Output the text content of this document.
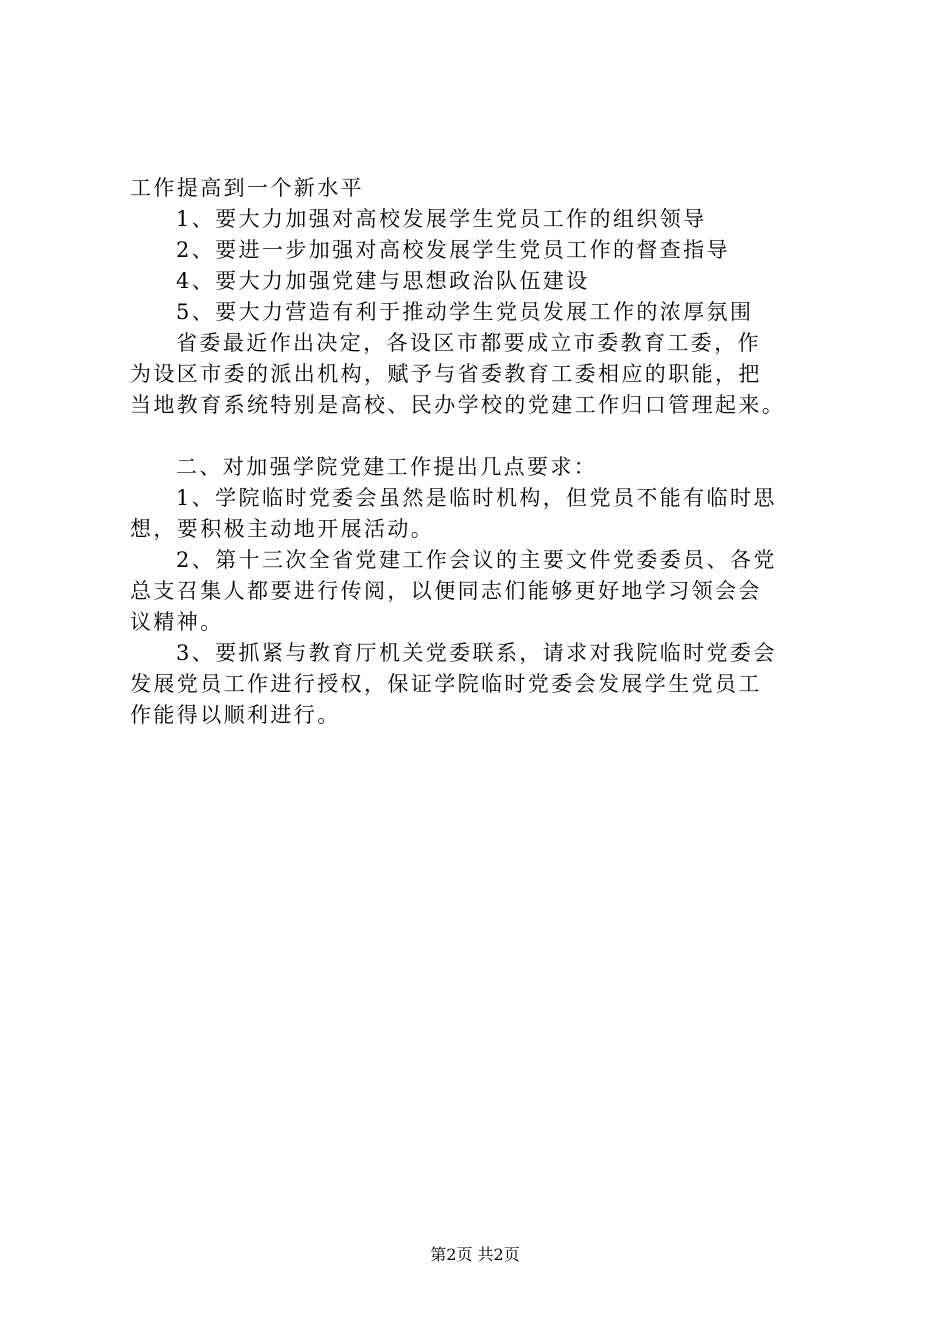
工作提高到一个新水平
1、要大力加强对高校发展学生党员工作的组织领导
2、要进一步加强对高校发展学生党员工作的督查指导
4、要大力加强党建与思想政治队伍建设
5、要大力营造有利于推动学生党员发展工作的浓厚氛围
省委最近作出决定，各设区市都要成立市委教育工委，作
为设区市委的派出机构，赋予与省委教育工委相应的职能，把
当地教育系统特别是高校、民办学校的党建工作归口管理起来。
二、对加强学院党建工作提出几点要求：
1、学院临时党委会虽然是临时机构，但党员不能有临时思
想，要积极主动地开展活动。
2、第十三次全省党建工作会议的主要文件党委委员、各党
总支召集人都要进行传阅，以便同志们能够更好地学习领会会
议精神。
3、要抓紧与教育厅机关党委联系，请求对我院临时党委会
发展党员工作进行授权，保证学院临时党委会发展学生党员工
作能得以顺利进行。
第2页 共2页
